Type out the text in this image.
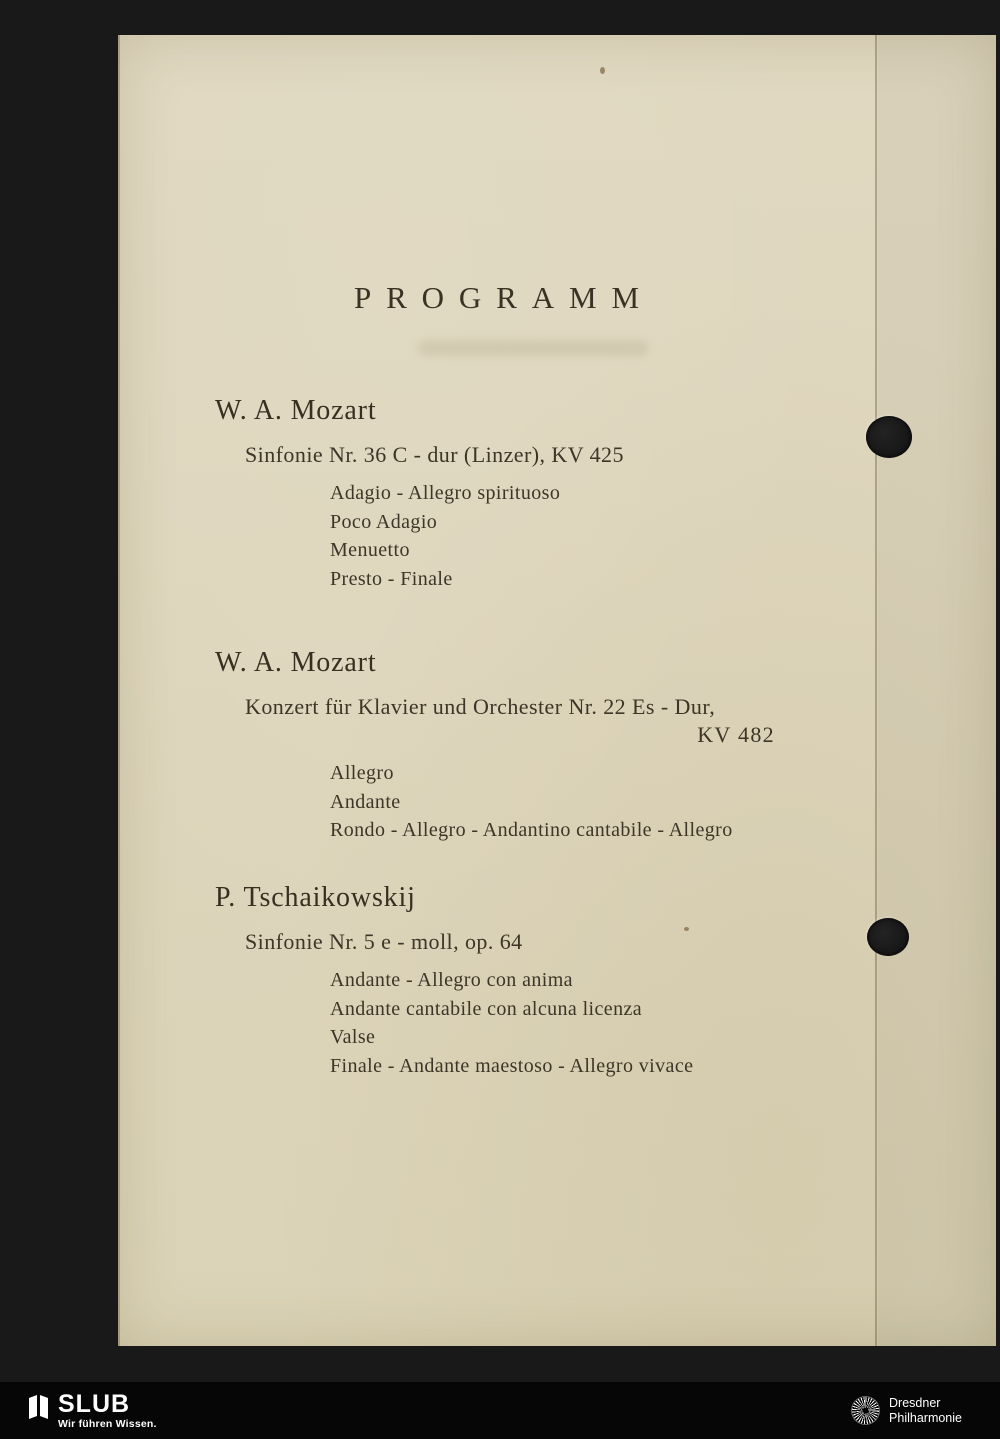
PROGRAMM
W. A. Mozart
Sinfonie Nr. 36 C - dur (Linzer), KV 425
Adagio - Allegro spirituoso
Poco Adagio
Menuetto
Presto - Finale
W. A. Mozart
Konzert für Klavier und Orchester Nr. 22 Es - Dur,
KV 482
Allegro
Andante
Rondo - Allegro - Andantino cantabile - Allegro
P. Tschaikowskij
Sinfonie Nr. 5 e - moll, op. 64
Andante - Allegro con anima
Andante cantabile con alcuna licenza
Valse
Finale - Andante maestoso - Allegro vivace
SLUB
Wir führen Wissen.
Dresdner
Philharmonie
